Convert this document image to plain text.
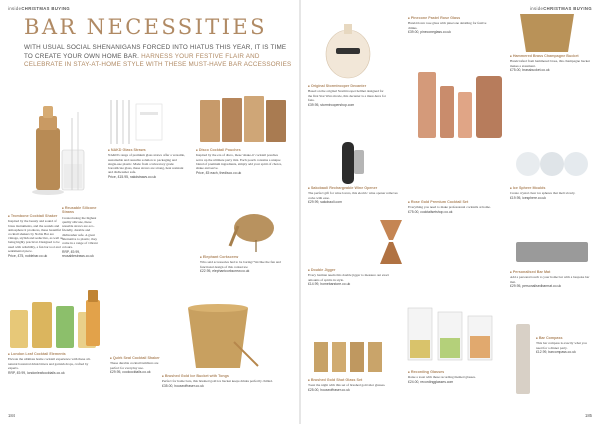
insideCHRISTMAS BUYING
BAR NECESSITIES

WITH USUAL SOCIAL SHENANIGANS FORCED INTO HIATUS THIS YEAR, IT IS TIME TO CREATE YOUR OWN HOME BAR. HARNESS YOUR FESTIVE FLAIR AND CELEBRATE IN STAY-AT-HOME STYLE WITH THESE MUST-HAVE BAR ACCESSORIES

■ Trombone Cocktail Shaker
Inspired by the beauty and sound of brass instruments, and the sounds and atmosphere it produces, these beautiful cocktail shakers by Noble Bar are vintage, stylish and seductive, as well as being highly practical. Designed to be used with reliability, a fun bar tool and sentimental piece.
Price, £75, noblebar.co.uk
■ NAKD Glass Straws
NAKD's range of premium glass straws offer a versatile, sustainable and reusable solution to packaging and single-use plastic. Made from a laboratory grade borosilicate glass, these straws are strong, heat resistant and dishwasher safe.
Price, £15.95, nakdstraws.co.uk
■ Disco Cocktail Pouches
Inspired by the era of disco, these 'shake-it' cocktail pouches serve up the ultimate party mix. Each pouch contains a unique blend of premium ingredients, simply add your spirit of choice, shake and serve.
Price, £5 each, thedisco.co.uk
■ Reusable Silicone Straws
Created using the highest quality silicone, these reusable straws are eco-friendly, durable and dishwasher safe. A great alternative to plastic, they come in a range of vibrant colours.
RRP, £9.99, reusablestraws.co.uk
■ Quirk Seal Cocktail Shaker
These durable cocktail tumblers are perfect for everyday use.
£29.95, coolcocktails.co.uk
■ London Leaf Cocktail Elements
Elevate the ultimate home cocktail experience with these all-natural botanical drink bitters and garnish drops, crafted by experts.
RRP, £9.99, londonleafcocktails.co.uk
■ Elephant Corkscrew
Who said accessories had to be boring? We like the fun and functional design of this corkscrew.
£22.95, elephantcorkscrew.co.uk
■ Brushed Gold Ice Bucket with Tongs
Perfect for home bars, this brushed gold ice bucket keeps drinks perfectly chilled.
£35.00, houseoffraser.co.uk
184
insideCHRISTMAS BUYING
■ Original Stormtrooper Decanter
Based on the original Stormtrooper helmet designed for the first Star Wars movie, this decanter is a must-have for fans.
£39.95, stormtroopershop.com
■ Sakobaoli Rechargeable Wine Opener
The perfect gift for wine lovers, this electric wine opener removes corks with ease.
£29.99, sakobaoli.com
■ Double Jigger
Every barman needs this double jigger to measure out exact amounts of spirits in style.
£14.99, homebarstore.co.uk
■ Brushed Gold Shot Glass Set
Toast the night with this set of brushed gold shot glasses.
£25.00, houseoffraser.co.uk
■ Pinecone Pastel Rose Glass
Hand-blown rose glass with pinecone detailing for festive drinks.
£39.00, pineconeglass.co.uk
■ Rose Gold Premium Cocktail Set
Everything you need to make professional cocktails at home.
£75.00, cocktailsetshop.co.uk
■ Recording Glasses
Raise a toast with these recording themed glasses.
£24.00, recordingglasses.com
■ Hammered Brass Champagne Bucket
Handcrafted from hammered brass, this champagne bucket makes a statement.
£75.00, brassbucket.co.uk
■ Ice Sphere Moulds
Create crystal clear ice spheres that melt slowly.
£19.95, icesphere.co.uk
■ Personalised Bar Mat
Add a personal touch to your home bar with a bespoke bar mat.
£29.95, personalisedbarmat.co.uk
■ Bar Compass
This bar compass is exactly what you need for a dinner party.
£12.99, barcompass.co.uk
185
